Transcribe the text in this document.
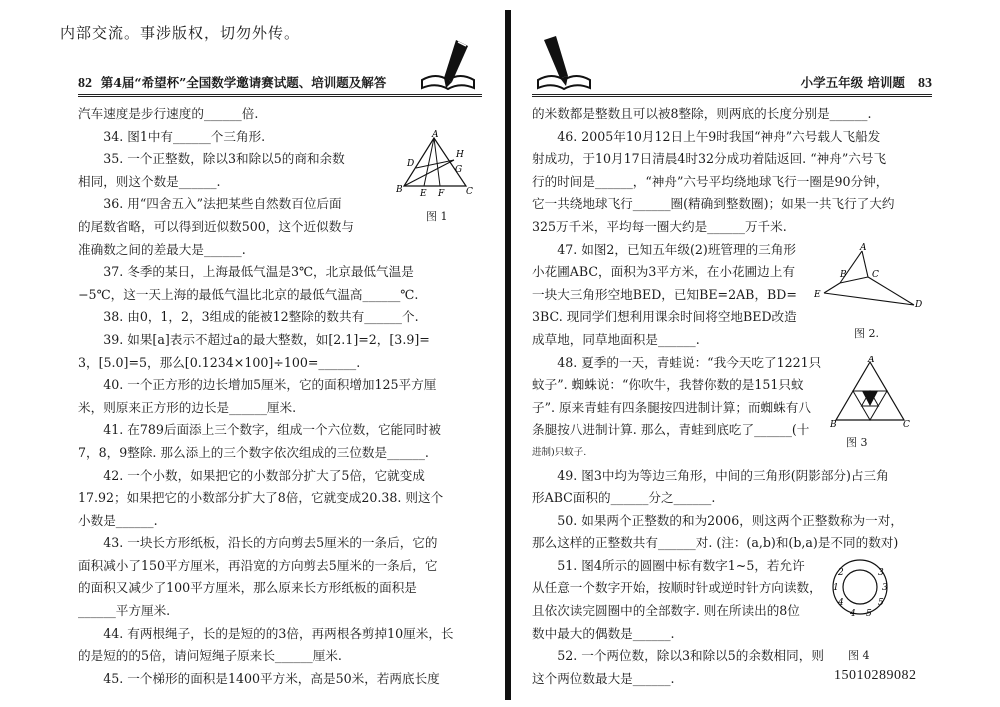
内部交流。事涉版权，切勿外传。
82 第4届“希望杯”全国数学邀请赛试题、培训题及解答

汽车速度是步行速度的______倍.

A
H
D
G
B E F C
图 1

34. 图1中有______个三角形.

35. 一个正整数，除以3和除以5的商和余数

相同，则这个数是______.

36. 用“四舍五入”法把某些自然数百位后面

的尾数省略，可以得到近似数500，这个近似数与

准确数之间的差最大是______.

37. 冬季的某日，上海最低气温是3℃，北京最低气温是

−5℃，这一天上海的最低气温比北京的最低气温高______℃.

38. 由0，1，2，3组成的能被12整除的数共有______个.

39. 如果[a]表示不超过a的最大整数，如[2.1]=2，[3.9]=

3，[5.0]=5，那么[0.1234×100]÷100=______.

40. 一个正方形的边长增加5厘米，它的面积增加125平方厘

米，则原来正方形的边长是______厘米.

41. 在789后面添上三个数字，组成一个六位数，它能同时被

7，8，9整除. 那么添上的三个数字依次组成的三位数是______.

42. 一个小数，如果把它的小数部分扩大了5倍，它就变成

17.92；如果把它的小数部分扩大了8倍，它就变成20.38. 则这个

小数是______.

43. 一块长方形纸板，沿长的方向剪去5厘米的一条后，它的

面积减小了150平方厘米，再沿宽的方向剪去5厘米的一条后，它

的面积又减少了100平方厘米，那么原来长方形纸板的面积是

______平方厘米.

44. 有两根绳子，长的是短的的3倍，再两根各剪掉10厘米，长

的是短的的5倍，请问短绳子原来长______厘米.

45. 一个梯形的面积是1400平方米，高是50米，若两底长度

小学五年级 培训题 83

的米数都是整数且可以被8整除，则两底的长度分别是______.

46. 2005年10月12日上午9时我国“神舟”六号载人飞船发

射成功，于10月17日清晨4时32分成功着陆返回. “神舟”六号飞

行的时间是______，“神舟”六号平均绕地球飞行一圈是90分钟，

它一共绕地球飞行______圈(精确到整数圈)；如果一共飞行了大约

325万千米，平均每一圈大约是______万千米.

A
B	C
E
D
图 2.

47. 如图2，已知五年级(2)班管理的三角形

小花圃ABC，面积为3平方米，在小花圃边上有

一块大三角形空地BED，已知BE=2AB，BD=

3BC. 现同学们想利用课余时间将空地BED改造

成草地，同草地面积是______.

A
B	C
图 3

48. 夏季的一天，青蛙说：“我今天吃了1221只

蚊子”. 蜘蛛说：“你吹牛，我替你数的是151只蚊

子”. 原来青蛙有四条腿按四进制计算；而蜘蛛有八

条腿按八进制计算. 那么，青蛙到底吃了______(十

进制)只蚊子.

49. 图3中均为等边三角形，中间的三角形(阴影部分)占三角

形ABC面积的______分之______.

50. 如果两个正整数的和为2006，则这两个正整数称为一对，

那么这样的正整数共有______对. (注：(a,b)和(b,a)是不同的数对)

2	3
1	3
4	5
4 5
图 4

51. 图4所示的圆圈中标有数字1~5，若允许

从任意一个数字开始，按顺时针或逆时针方向读数，

且依次读完圆圈中的全部数字. 则在所读出的8位

数中最大的偶数是______.

52. 一个两位数，除以3和除以5的余数相同，则

这个两位数最大是______.	15010289082
